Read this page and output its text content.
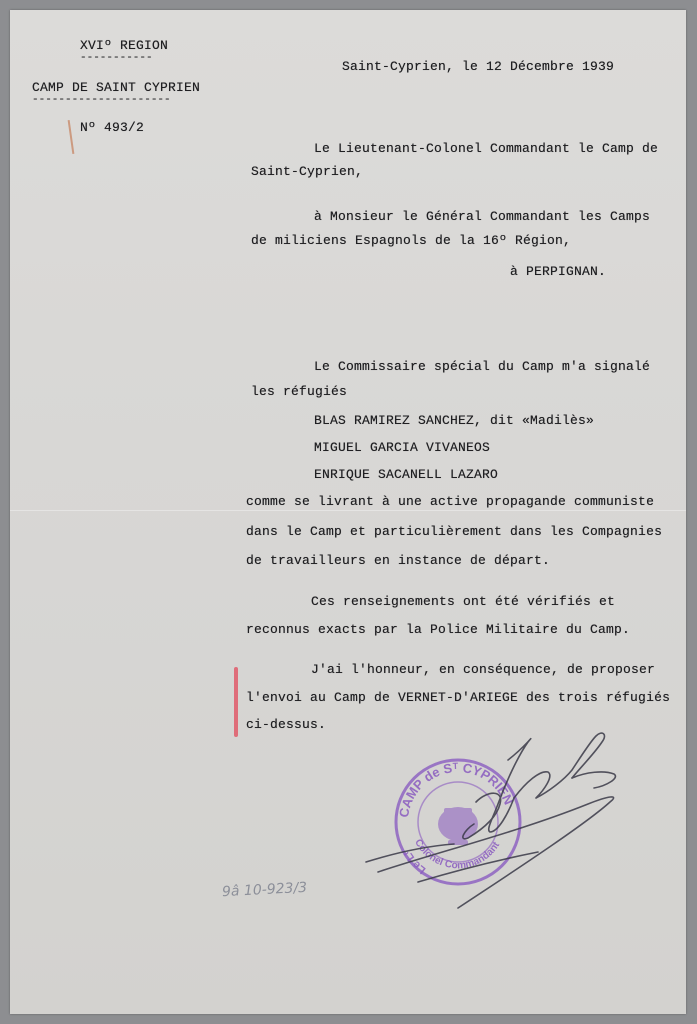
XVIº REGION
-----------
CAMP DE SAINT CYPRIEN
---------------------
Nº 493/2
Saint-Cyprien, le 12 Décembre 1939
Le Lieutenant-Colonel Commandant le Camp de
Saint-Cyprien,
à Monsieur le Général Commandant les Camps
de miliciens Espagnols de la 16º Région,
à PERPIGNAN.
Le Commissaire spécial du Camp m'a signalé
les réfugiés
BLAS RAMIREZ SANCHEZ, dit «Madilès»
MIGUEL GARCIA VIVANEOS
ENRIQUE SACANELL LAZARO
comme se livrant à une active propagande communiste
dans le Camp et particulièrement dans les Compagnies
de travailleurs en instance de départ.
Ces renseignements ont été vérifiés et
reconnus exacts par la Police Militaire du Camp.
J'ai l'honneur, en conséquence, de proposer
l'envoi au Camp de VERNET-D'ARIEGE des trois réfugiés
ci-dessus.
CAMP de Sᵀ CYPRIEN
Colonel Commandant
Le Lᵗ
9â 10-923/3
